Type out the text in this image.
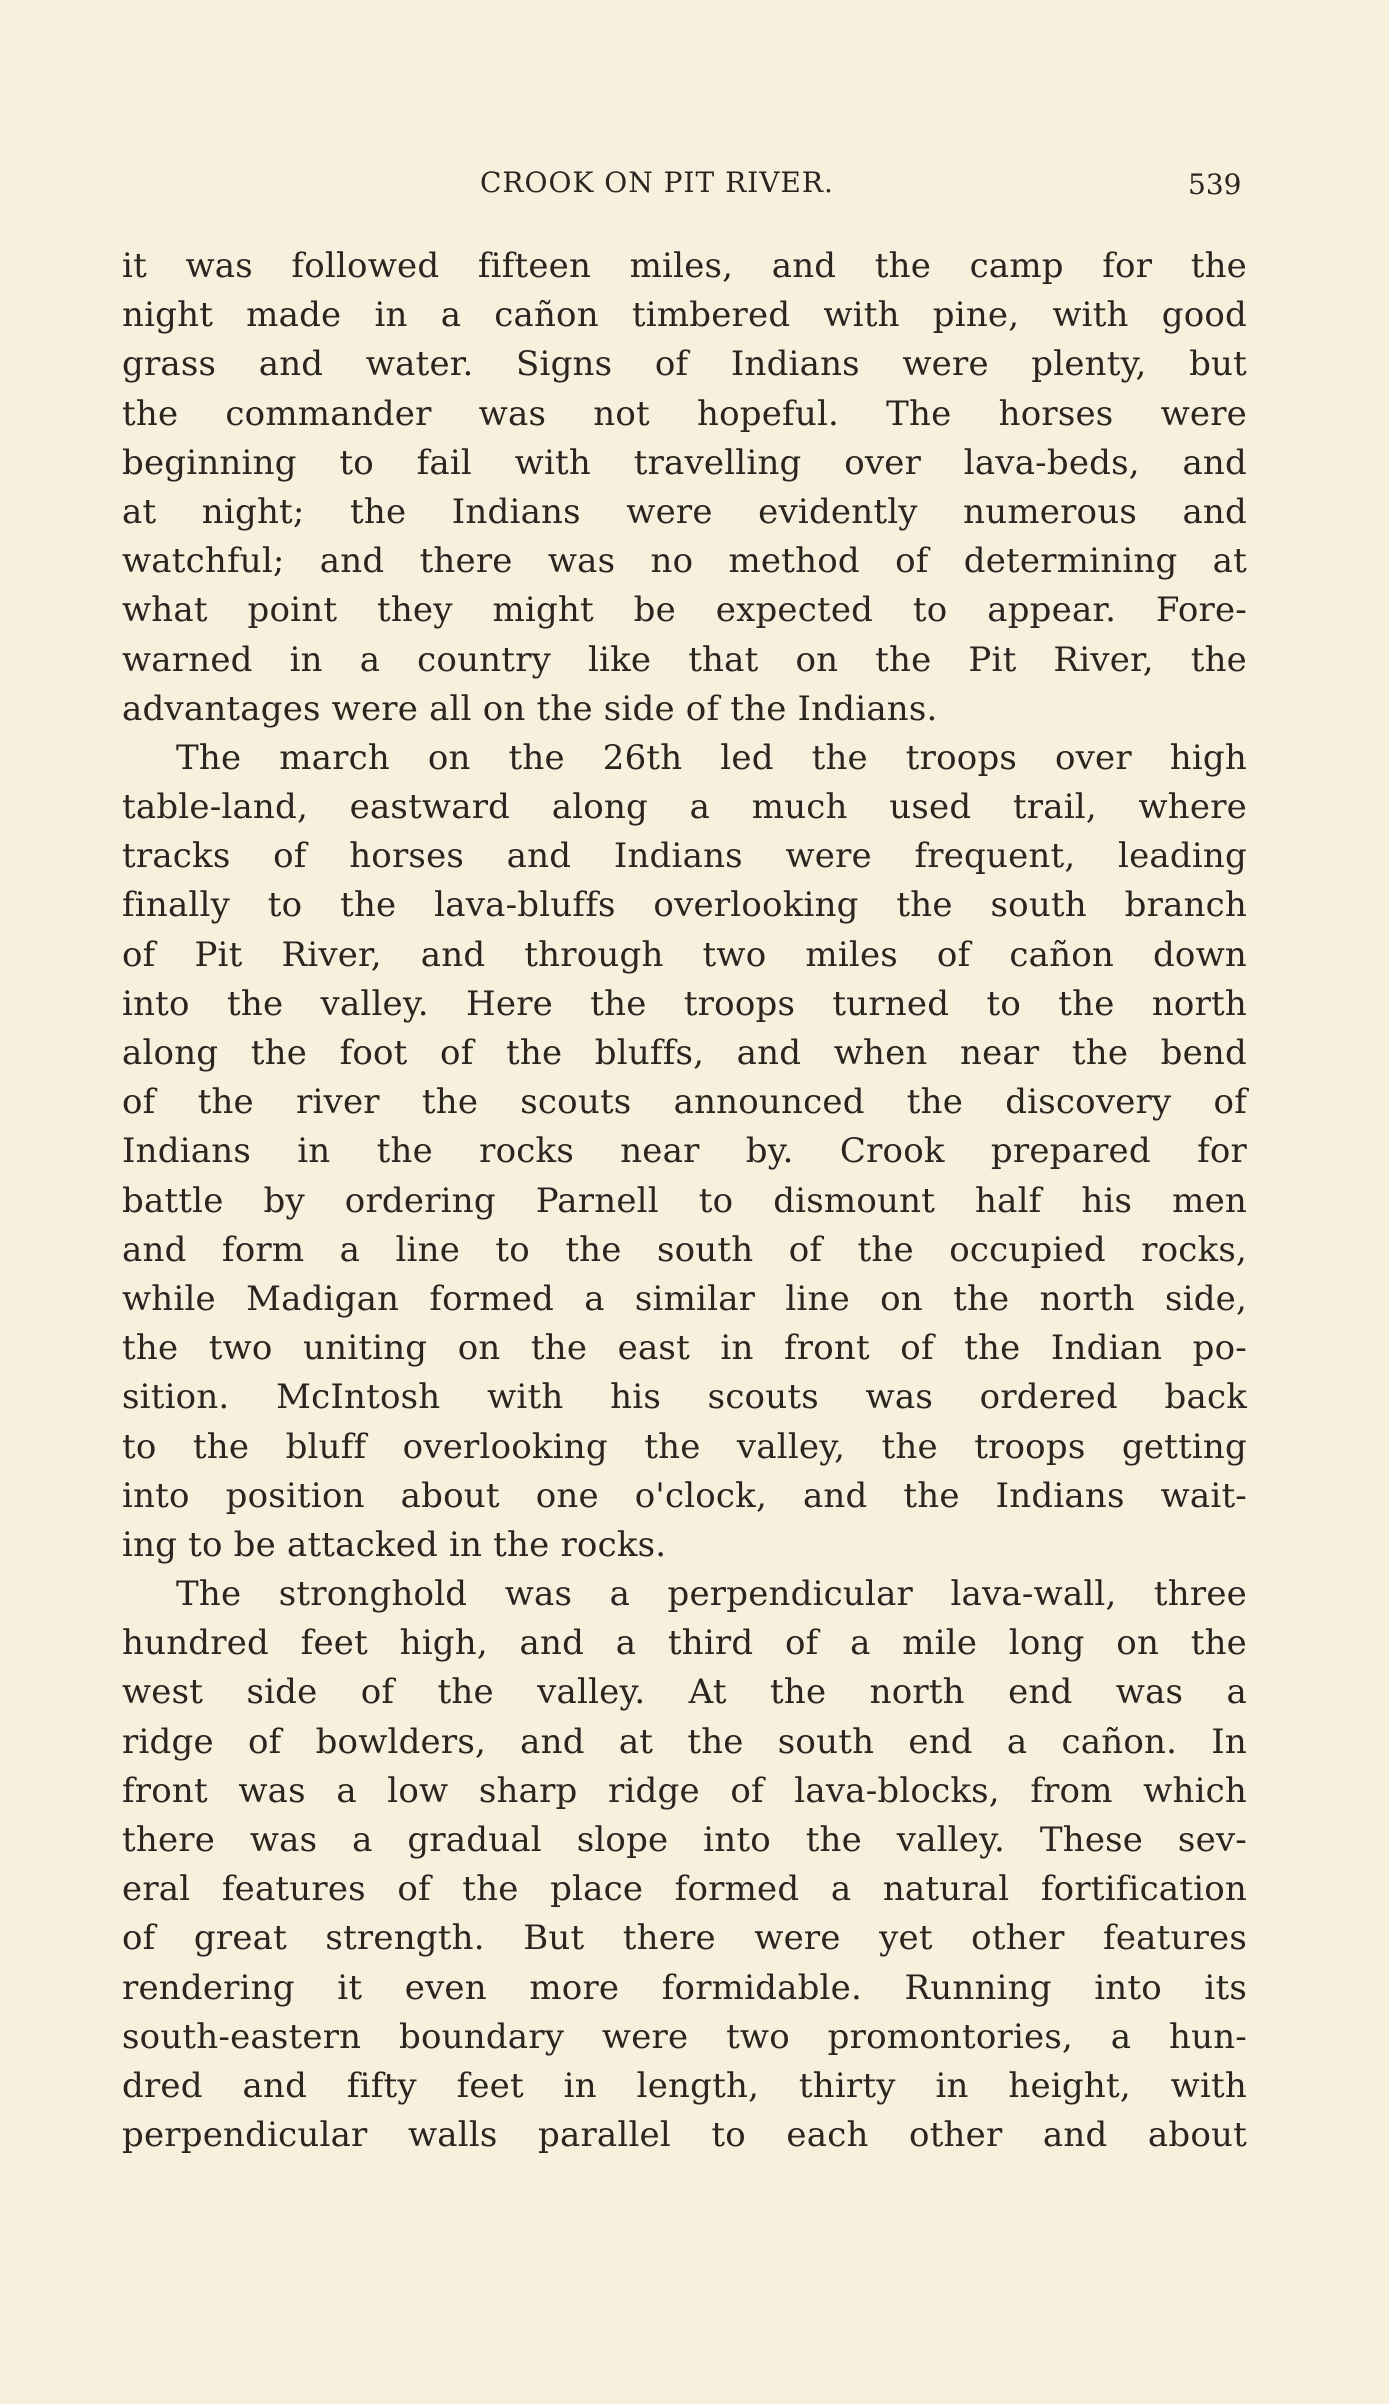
CROOK ON PIT RIVER.	539
it was followed fifteen miles, and the camp for the
night made in a cañon timbered with pine, with good
grass and water. Signs of Indians were plenty, but
the commander was not hopeful. The horses were
beginning to fail with travelling over lava-beds, and
at night; the Indians were evidently numerous and
watchful; and there was no method of determining at
what point they might be expected to appear. Fore-
warned in a country like that on the Pit River, the
advantages were all on the side of the Indians.
The march on the 26th led the troops over high
table-land, eastward along a much used trail, where
tracks of horses and Indians were frequent, leading
finally to the lava-bluffs overlooking the south branch
of Pit River, and through two miles of cañon down
into the valley. Here the troops turned to the north
along the foot of the bluffs, and when near the bend
of the river the scouts announced the discovery of
Indians in the rocks near by. Crook prepared for
battle by ordering Parnell to dismount half his men
and form a line to the south of the occupied rocks,
while Madigan formed a similar line on the north side,
the two uniting on the east in front of the Indian po-
sition. McIntosh with his scouts was ordered back
to the bluff overlooking the valley, the troops getting
into position about one o'clock, and the Indians wait-
ing to be attacked in the rocks.
The stronghold was a perpendicular lava-wall, three
hundred feet high, and a third of a mile long on the
west side of the valley. At the north end was a
ridge of bowlders, and at the south end a cañon. In
front was a low sharp ridge of lava-blocks, from which
there was a gradual slope into the valley. These sev-
eral features of the place formed a natural fortification
of great strength. But there were yet other features
rendering it even more formidable. Running into its
south-eastern boundary were two promontories, a hun-
dred and fifty feet in length, thirty in height, with
perpendicular walls parallel to each other and about
